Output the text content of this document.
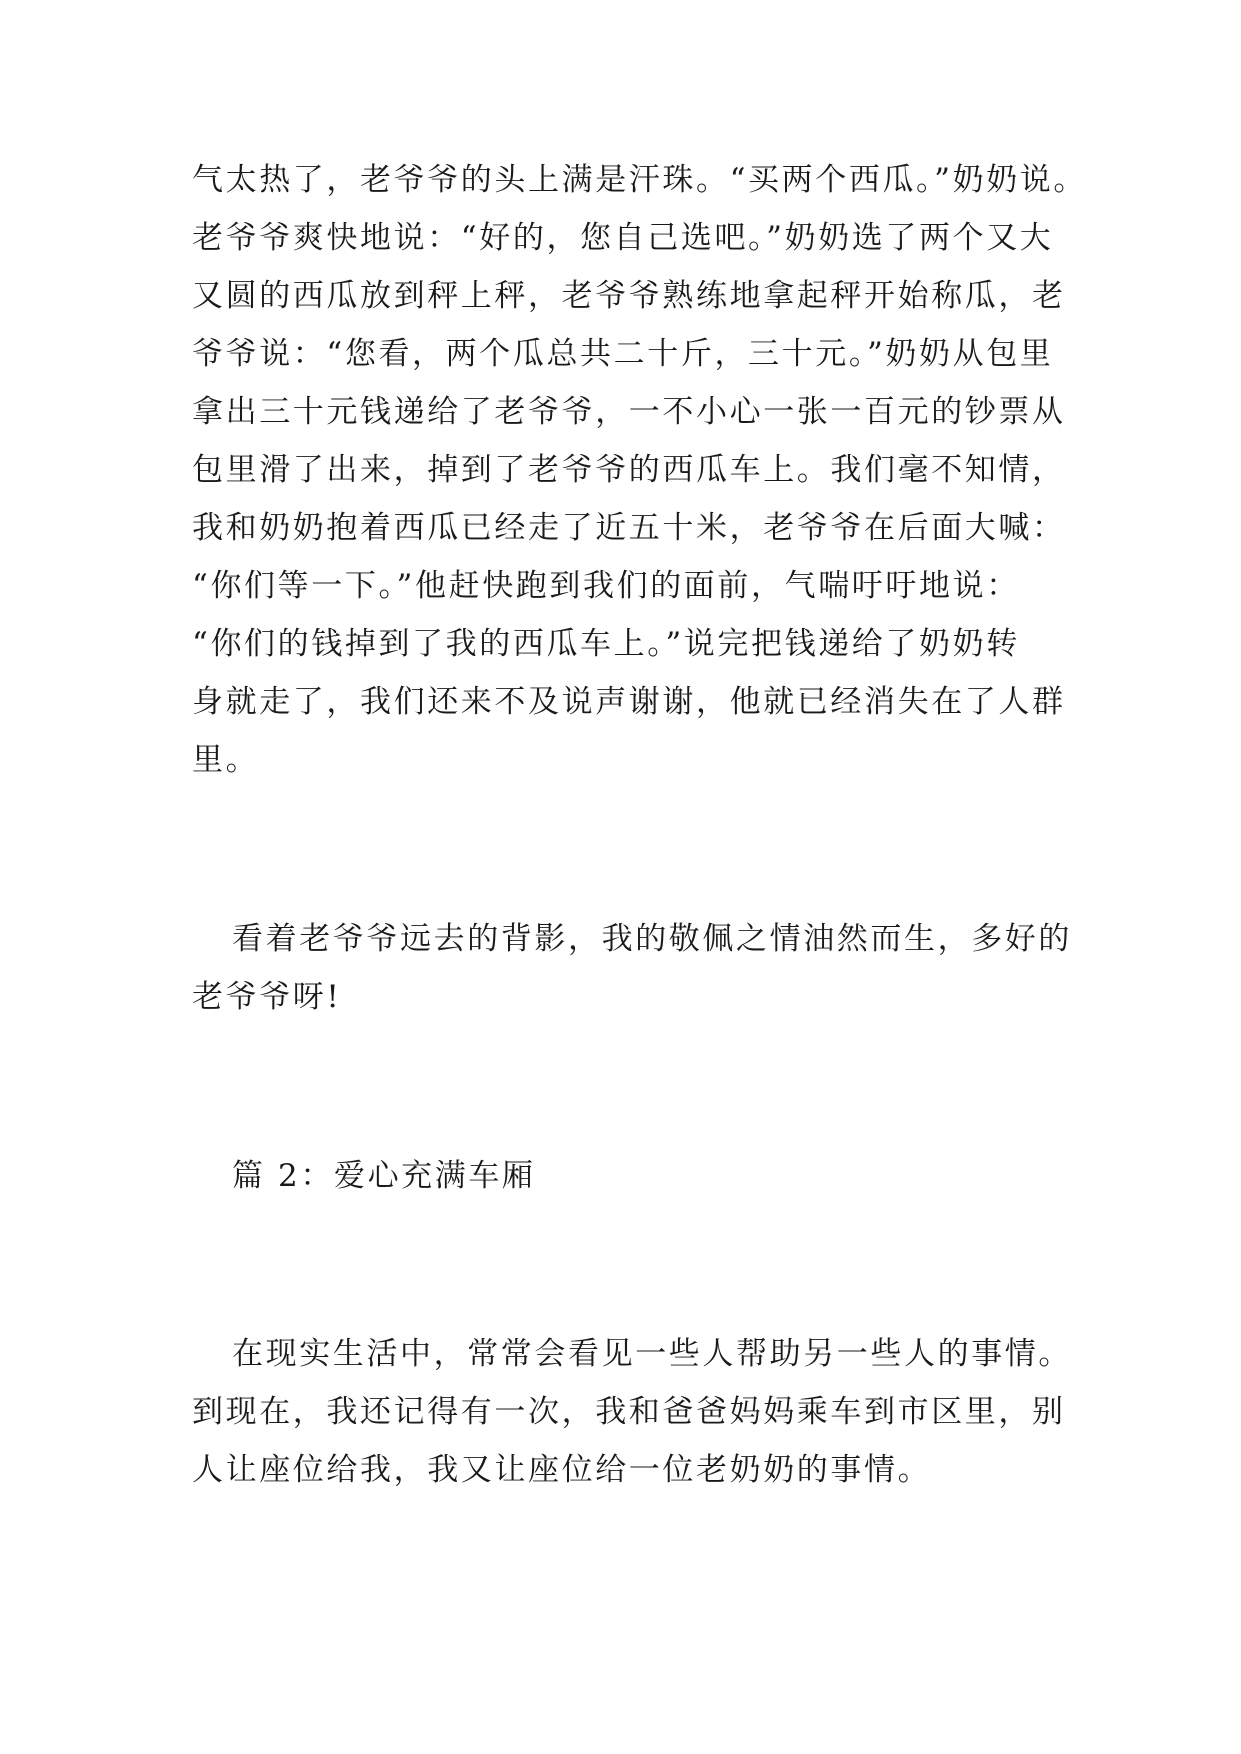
气太热了，老爷爷的头上满是汗珠。“买两个西瓜。”奶奶说。
老爷爷爽快地说：“好的，您自己选吧。”奶奶选了两个又大
又圆的西瓜放到秤上秤，老爷爷熟练地拿起秤开始称瓜，老
爷爷说：“您看，两个瓜总共二十斤，三十元。”奶奶从包里
拿出三十元钱递给了老爷爷，一不小心一张一百元的钞票从
包里滑了出来，掉到了老爷爷的西瓜车上。我们毫不知情，
我和奶奶抱着西瓜已经走了近五十米，老爷爷在后面大喊：
“你们等一下。”他赶快跑到我们的面前，气喘吁吁地说：
“你们的钱掉到了我的西瓜车上。”说完把钱递给了奶奶转
身就走了，我们还来不及说声谢谢，他就已经消失在了人群
里。
看着老爷爷远去的背影，我的敬佩之情油然而生，多好的
老爷爷呀!
篇 2：爱心充满车厢
在现实生活中，常常会看见一些人帮助另一些人的事情。
到现在，我还记得有一次，我和爸爸妈妈乘车到市区里，别
人让座位给我，我又让座位给一位老奶奶的事情。
